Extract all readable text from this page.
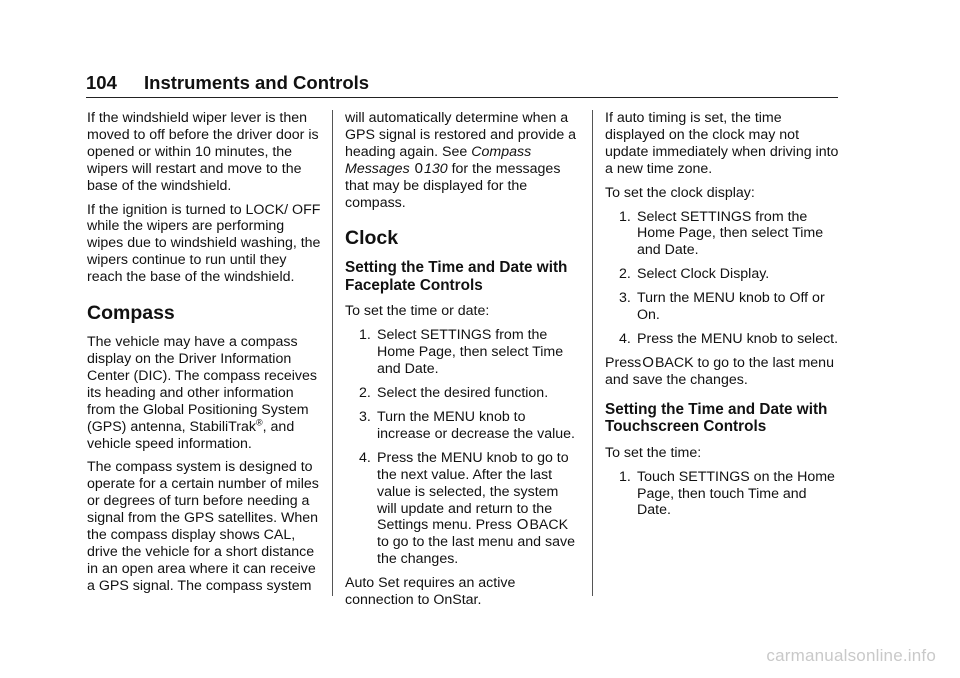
104 Instruments and Controls

If the windshield wiper lever is then moved to off before the driver door is opened or within 10 minutes, the wipers will restart and move to the base of the windshield.

If the ignition is turned to LOCK/ OFF while the wipers are performing wipes due to windshield washing, the wipers continue to run until they reach the base of the windshield.

Compass

The vehicle may have a compass display on the Driver Information Center (DIC). The compass receives its heading and other information from the Global Positioning System (GPS) antenna, StabiliTrak®, and vehicle speed information.

The compass system is designed to operate for a certain number of miles or degrees of turn before needing a signal from the GPS satellites. When the compass display shows CAL, drive the vehicle for a short distance in an open area where it can receive a GPS signal. The compass system

will automatically determine when a GPS signal is restored and provide a heading again. See Compass Messages 0130 for the messages that may be displayed for the compass.

Clock
Setting the Time and Date with Faceplate Controls

To set the time or date:

1. Select SETTINGS from the Home Page, then select Time and Date.
2. Select the desired function.
3. Turn the MENU knob to increase or decrease the value.
4. Press the MENU knob to go to the next value. After the last value is selected, the system will update and return to the Settings menu. Press OBACK to go to the last menu and save the changes.

Auto Set requires an active connection to OnStar.

If auto timing is set, the time displayed on the clock may not update immediately when driving into a new time zone.

To set the clock display:

1. Select SETTINGS from the Home Page, then select Time and Date.
2. Select Clock Display.
3. Turn the MENU knob to Off or On.
4. Press the MENU knob to select.

PressOBACK to go to the last menu and save the changes.

Setting the Time and Date with Touchscreen Controls

To set the time:

1. Touch SETTINGS on the Home Page, then touch Time and Date.
carmanualsonline.info
